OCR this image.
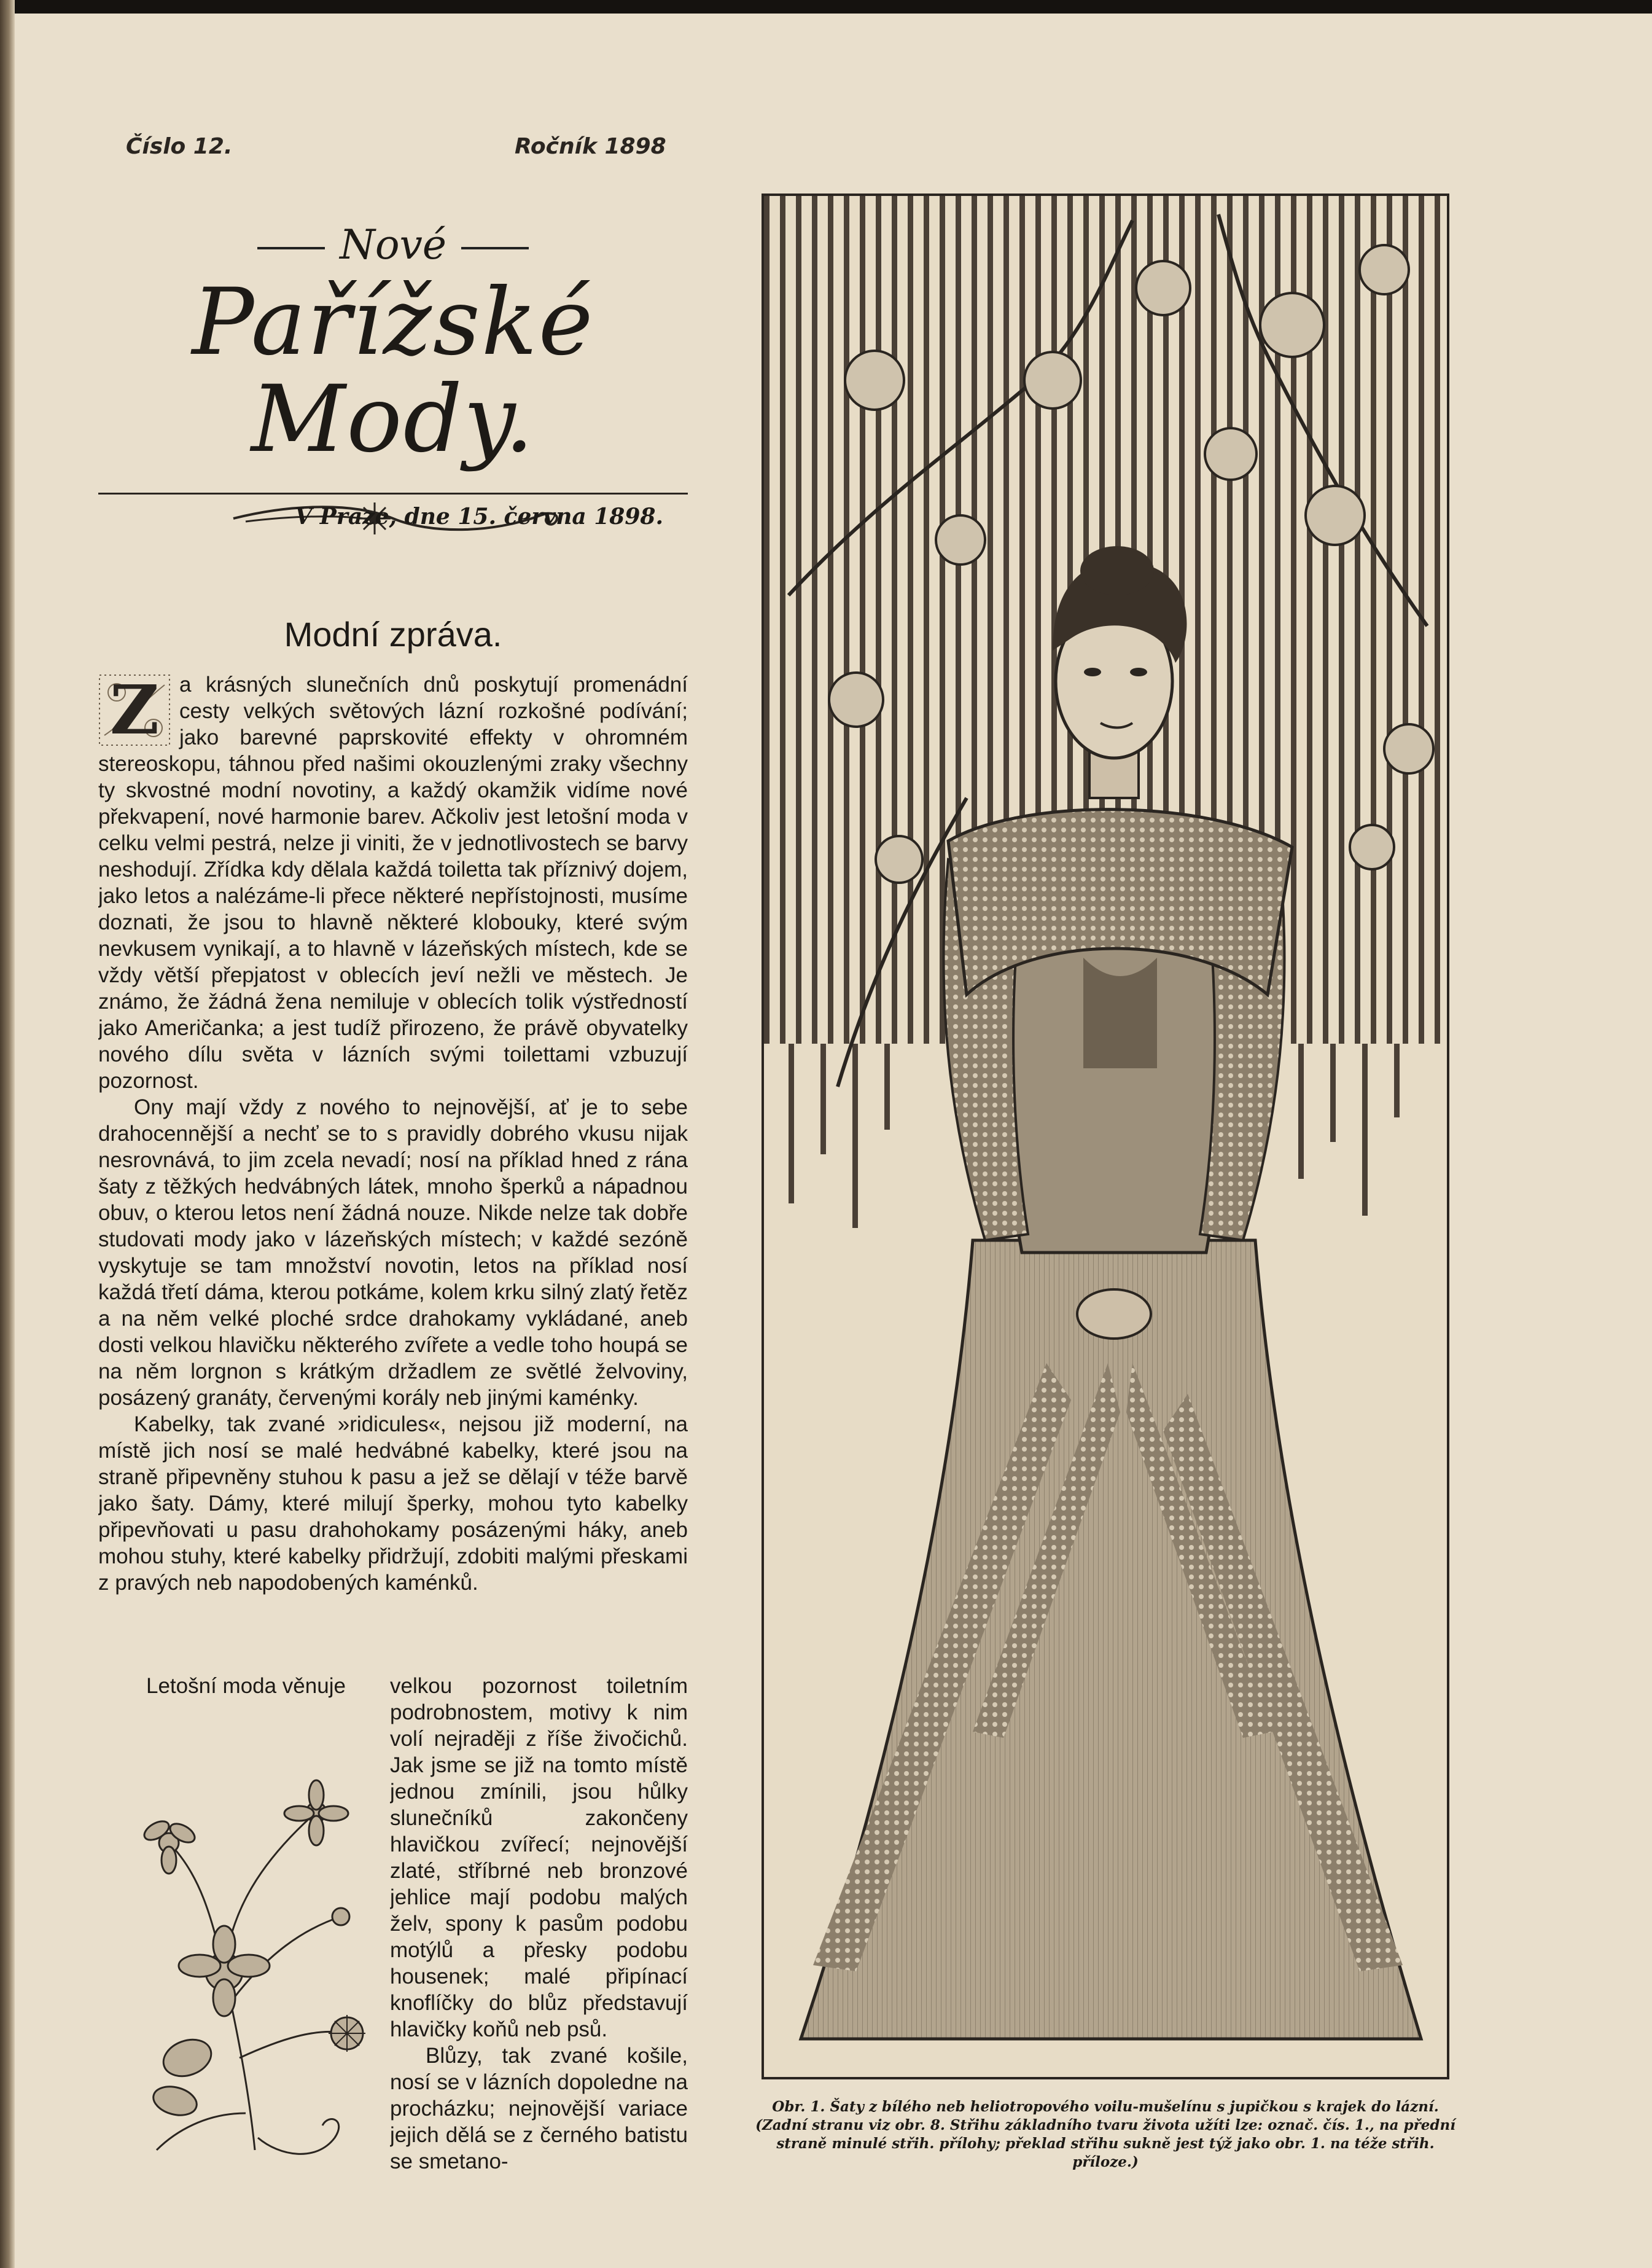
Číslo 12.	Ročník 1898
Nové
Pařížské Mody.
V Praze, dne 15. června 1898.
Modní zpráva.

Z a krásných slunečních dnů poskytují promenádní cesty velkých světových lázní rozkošné podívání; jako barevné paprskovité effekty v ohromném stereoskopu, táhnou před našimi okouzlenými zraky všechny ty skvostné modní novotiny, a každý okamžik vidíme nové překvapení, nové harmonie barev. Ačkoliv jest letošní moda v celku velmi pestrá, nelze ji viniti, že v jednotlivostech se barvy neshodují. Zřídka kdy dělala každá toiletta tak příznivý dojem, jako letos a nalézáme-li přece některé nepřístojnosti, musíme doznati, že jsou to hlavně některé klobouky, které svým nevkusem vynikají, a to hlavně v lázeňských místech, kde se vždy větší přepjatost v oblecích jeví nežli ve městech. Je známo, že žádná žena nemiluje v oblecích tolik výstředností jako Američanka; a jest tudíž přirozeno, že právě obyvatelky nového dílu světa v lázních svými toilettami vzbuzují pozornost.

Ony mají vždy z nového to nejnovější, ať je to sebe drahocennější a nechť se to s pravidly dobrého vkusu nijak nesrovnává, to jim zcela nevadí; nosí na příklad hned z rána šaty z těžkých hedvábných látek, mnoho šperků a nápadnou obuv, o kterou letos není žádná nouze. Nikde nelze tak dobře studovati mody jako v lázeňských místech; v každé sezóně vyskytuje se tam množství novotin, letos na příklad nosí každá třetí dáma, kterou potkáme, kolem krku silný zlatý řetěz a na něm velké ploché srdce drahokamy vykládané, aneb dosti velkou hlavičku některého zvířete a vedle toho houpá se na něm lorgnon s krátkým držadlem ze světlé želvoviny, posázený granáty, červenými korály neb jinými kaménky.

Kabelky, tak zvané »ridicules«, nejsou již moderní, na místě jich nosí se malé hedvábné kabelky, které jsou na straně připevněny stuhou k pasu a jež se dělají v téže barvě jako šaty. Dámy, které milují šperky, mohou tyto kabelky připevňovati u pasu drahohokamy posázenými háky, aneb mohou stuhy, které kabelky přidržují, zdobiti malými přeskami z pravých neb napodobených kaménků.

Letošní moda věnuje	velkou pozornost toiletním podrobnostem, motivy k nim volí nejraději z říše živočichů. Jak jsme se již na tomto místě jednou zmínili, jsou hůlky slunečníků zakončeny hlavičkou zvířecí; nejnovější zlaté, stříbrné neb bronzové jehlice mají podobu malých želv, spony k pasům podobu motýlů a přesky podobu housenek; malé připínací knoflíčky do blůz představují hlavičky koňů neb psů.

Blůzy, tak zvané košile, nosí se v lázních dopoledne na procházku; nejnovější variace jejich dělá se z černého batistu se smetano-

Obr. 1. Šaty z bílého neb heliotropového voilu-mušelínu s jupičkou s krajek do lázní. (Zadní stranu viz obr. 8. Střihu základního tvaru života užíti lze: označ. čís. 1., na přední straně minulé střih. přílohy; překlad střihu sukně jest týž jako obr. 1. na téže střih. příloze.)
